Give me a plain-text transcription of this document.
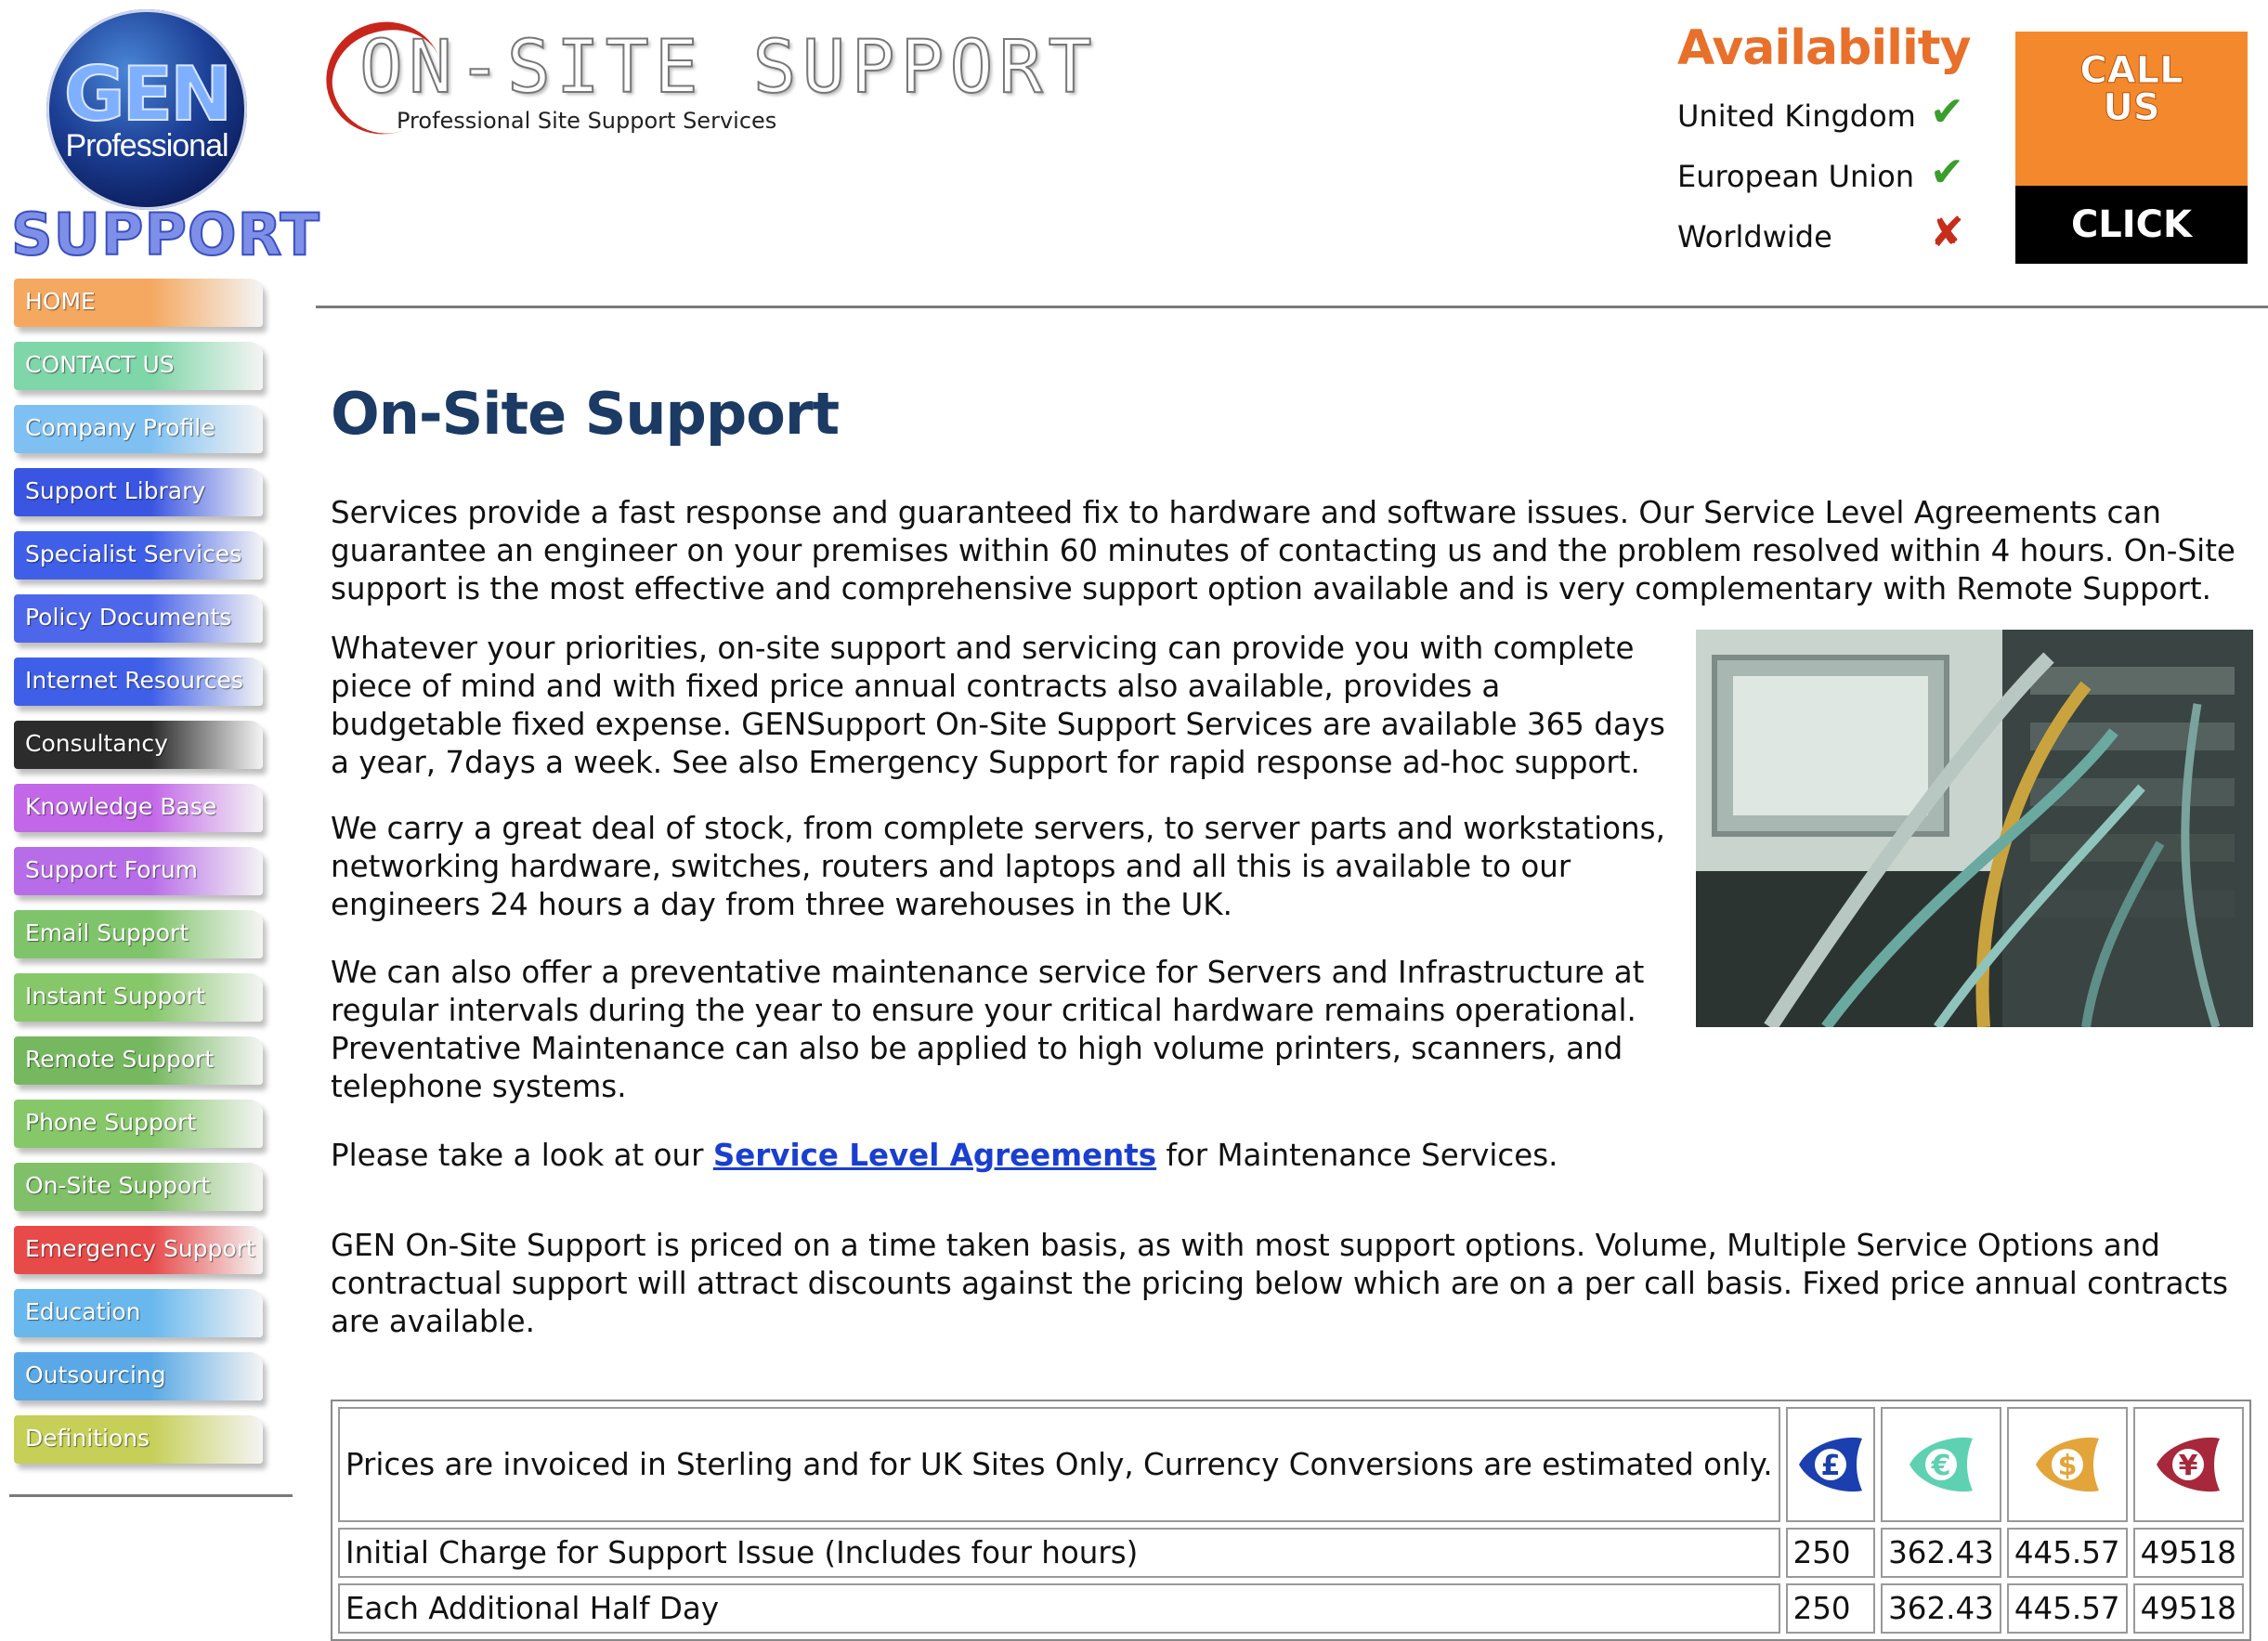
GEN
Professional
SUPPORT
HOME
CONTACT US
Company Profile
Support Library
Specialist Services
Policy Documents
Internet Resources
Consultancy
Knowledge Base
Support Forum
Email Support
Instant Support
Remote Support
Phone Support
On-Site Support
Emergency Support
Education
Outsourcing
Definitions
ON-SITE SUPPORT
Professional Site Support Services
Availability
United Kingdom ✔
European Union ✔
Worldwide ✘
CALL
US
CLICK HERE
On-Site Support

Services provide a fast response and guaranteed fix to hardware and software issues. Our Service Level Agreements can guarantee an engineer on your premises within 60 minutes of contacting us and the problem resolved within 4 hours. On-Site support is the most effective and comprehensive support option available and is very complementary with Remote Support.

Whatever your priorities, on-site support and servicing can provide you with complete piece of mind and with fixed price annual contracts also available, provides a budgetable fixed expense. GENSupport On-Site Support Services are available 365 days a year, 7days a week. See also Emergency Support for rapid response ad-hoc support.

We carry a great deal of stock, from complete servers, to server parts and workstations, networking hardware, switches, routers and laptops and all this is available to our engineers 24 hours a day from three warehouses in the UK.

We can also offer a preventative maintenance service for Servers and Infrastructure at regular intervals during the year to ensure your critical hardware remains operational. Preventative Maintenance can also be applied to high volume printers, scanners, and telephone systems.

Please take a look at our Service Level Agreements for Maintenance Services.

GEN On-Site Support is priced on a time taken basis, as with most support options. Volume, Multiple Service Options and contractual support will attract discounts against the pricing below which are on a per call basis. Fixed price annual contracts are available.

Prices are invoiced in Sterling and for UK Sites Only, Currency Conversions are estimated only.	£	€	$	¥

Initial Charge for Support Issue (Includes four hours)	250	362.43	445.57	49518
Each Additional Half Day	250	362.43	445.57	49518
